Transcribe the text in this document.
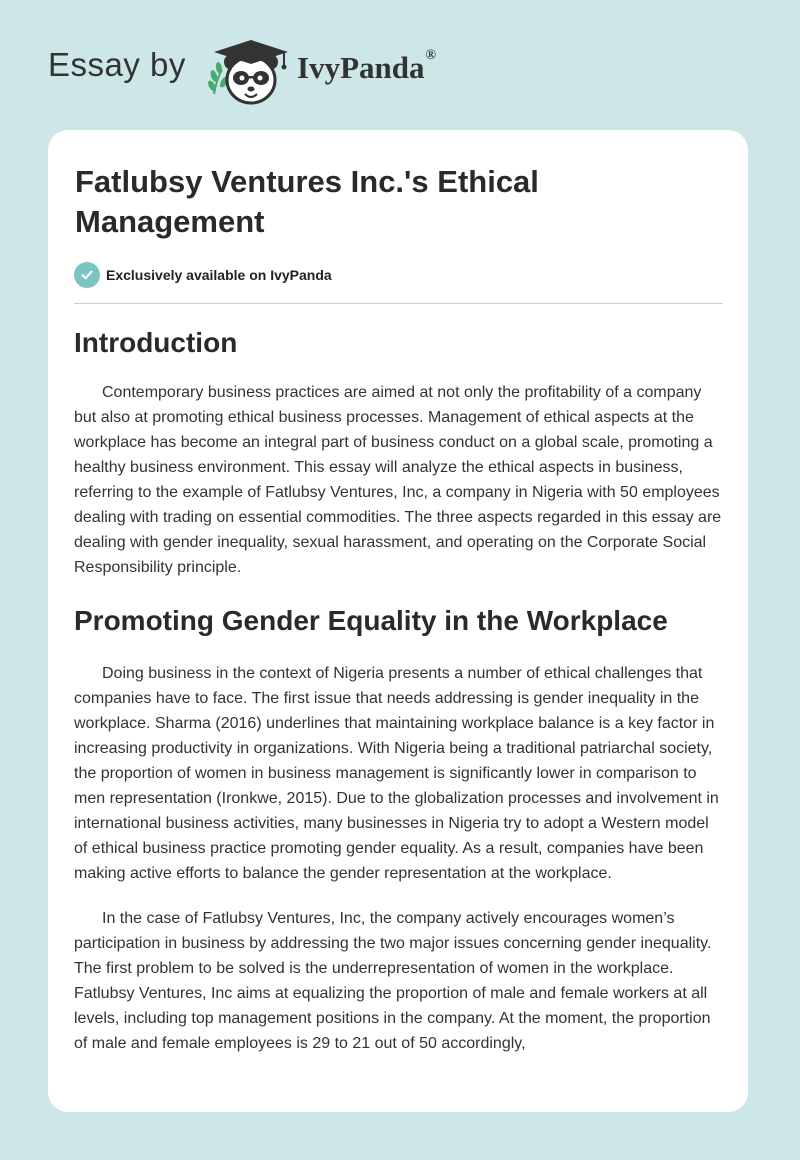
Essay by	IvyPanda®
Fatlubsy Ventures Inc.'s Ethical Management
Exclusively available on IvyPanda
Introduction

Contemporary business practices are aimed at not only the profitability of a company but also at promoting ethical business processes. Management of ethical aspects at the workplace has become an integral part of business conduct on a global scale, promoting a healthy business environment. This essay will analyze the ethical aspects in business, referring to the example of Fatlubsy Ventures, Inc, a company in Nigeria with 50 employees dealing with trading on essential commodities. The three aspects regarded in this essay are dealing with gender inequality, sexual harassment, and operating on the Corporate Social Responsibility principle.

Promoting Gender Equality in the Workplace

Doing business in the context of Nigeria presents a number of ethical challenges that companies have to face. The first issue that needs addressing is gender inequality in the workplace. Sharma (2016) underlines that maintaining workplace balance is a key factor in increasing productivity in organizations. With Nigeria being a traditional patriarchal society, the proportion of women in business management is significantly lower in comparison to men representation (Ironkwe, 2015). Due to the globalization processes and involvement in international business activities, many businesses in Nigeria try to adopt a Western model of ethical business practice promoting gender equality. As a result, companies have been making active efforts to balance the gender representation at the workplace.

In the case of Fatlubsy Ventures, Inc, the company actively encourages women’s participation in business by addressing the two major issues concerning gender inequality. The first problem to be solved is the underrepresentation of women in the workplace. Fatlubsy Ventures, Inc aims at equalizing the proportion of male and female workers at all levels, including top management positions in the company. At the moment, the proportion of male and female employees is 29 to 21 out of 50 accordingly,
